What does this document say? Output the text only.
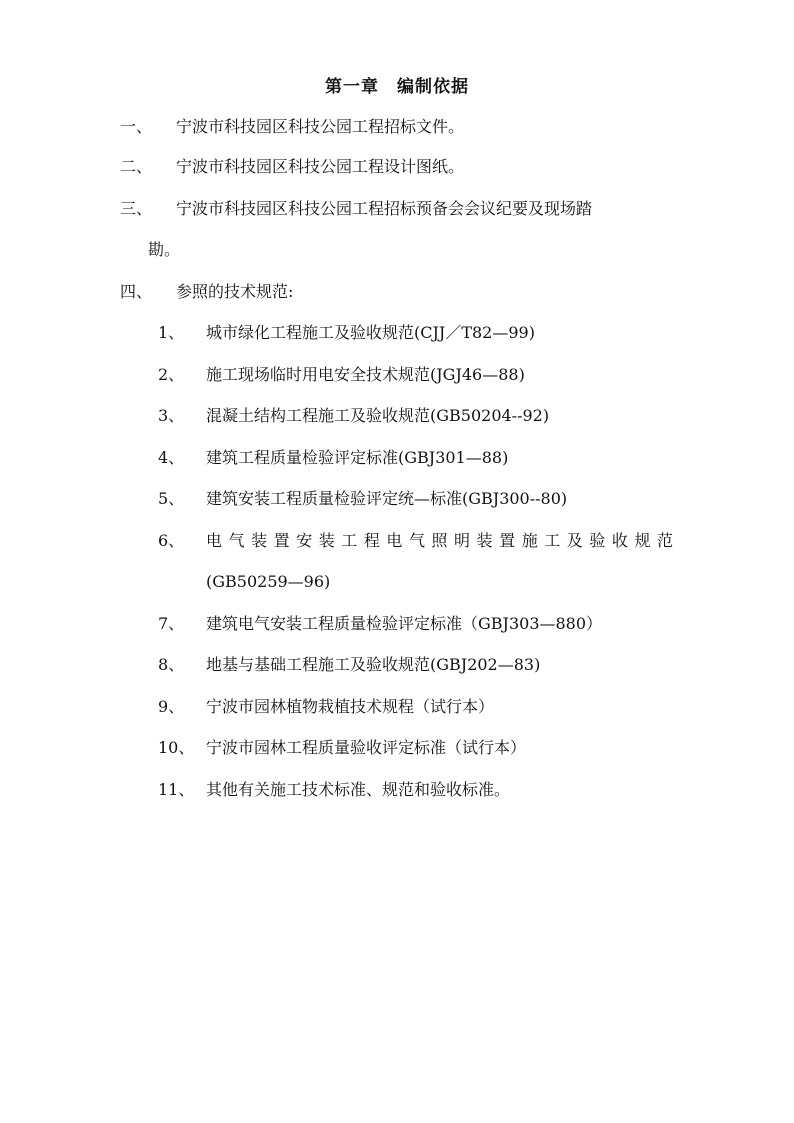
第一章 编制依据
一、 宁波市科技园区科技公园工程招标文件。
二、 宁波市科技园区科技公园工程设计图纸。
三、 宁波市科技园区科技公园工程招标预备会会议纪要及现场踏
勘。
四、 参照的技术规范:
1、 城市绿化工程施工及验收规范(CJJ／T82—99)
2、 施工现场临时用电安全技术规范(JGJ46—88)
3、 混凝土结构工程施工及验收规范(GB50204--92)
4、 建筑工程质量检验评定标准(GBJ301—88)
5、 建筑安装工程质量检验评定统—标准(GBJ300--80)
6、 电气装置安装工程电气照明装置施工及验收规范
(GB50259—96)
7、 建筑电气安装工程质量检验评定标准（GBJ303—880）
8、 地基与基础工程施工及验收规范(GBJ202—83)
9、 宁波市园林植物栽植技术规程（试行本）
10、 宁波市园林工程质量验收评定标准（试行本）
11、 其他有关施工技术标准、规范和验收标准。
